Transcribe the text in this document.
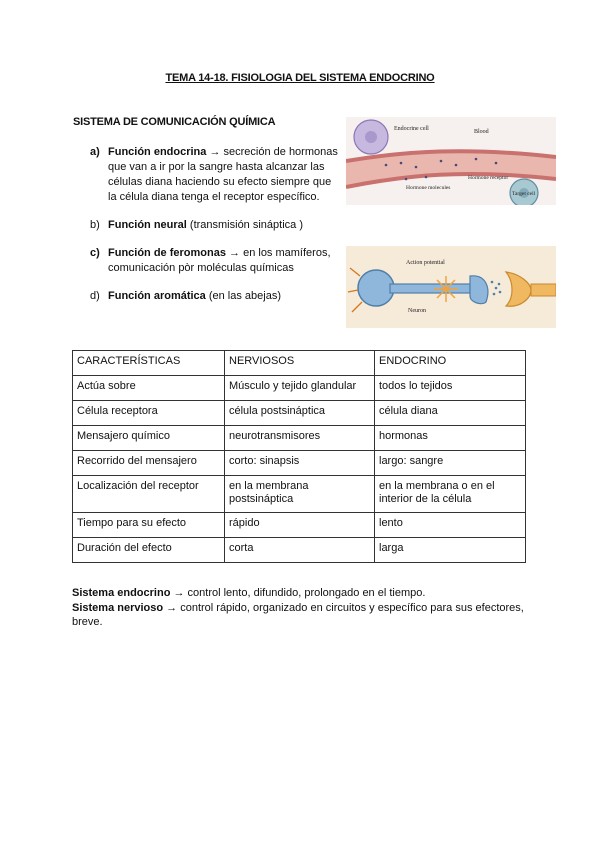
TEMA 14-18. FISIOLOGIA DEL SISTEMA ENDOCRINO
SISTEMA DE COMUNICACIÓN QUÍMICA
a) Función endocrina → secreción de hormonas que van a ir por la sangre hasta alcanzar las células diana haciendo su efecto siempre que la célula diana tenga el receptor específico.
b) Función neural (transmisión sináptica )
c) Función de feromonas → en los mamíferos, comunicación pòr moléculas químicas
d) Función aromática (en las abejas)
Endocrine cell	Blood
Hormone molecules
Hormone receptor
Target cell
Action potential
Neuron
CARACTERÍSTICAS	NERVIOSOS	ENDOCRINO
Actúa sobre	Músculo y tejido glandular	todos lo tejidos
Célula receptora	célula postsináptica	célula diana
Mensajero químico	neurotransmisores	hormonas
Recorrido del mensajero	corto: sinapsis	largo: sangre
Localización del receptor	en la membrana postsináptica	en la membrana o en el interior de la célula
Tiempo para su efecto	rápido	lento
Duración del efecto	corta	larga
Sistema endocrino → control lento, difundido, prolongado en el tiempo.
Sistema nervioso → control rápido, organizado en circuitos y específico para sus efectores, breve.
